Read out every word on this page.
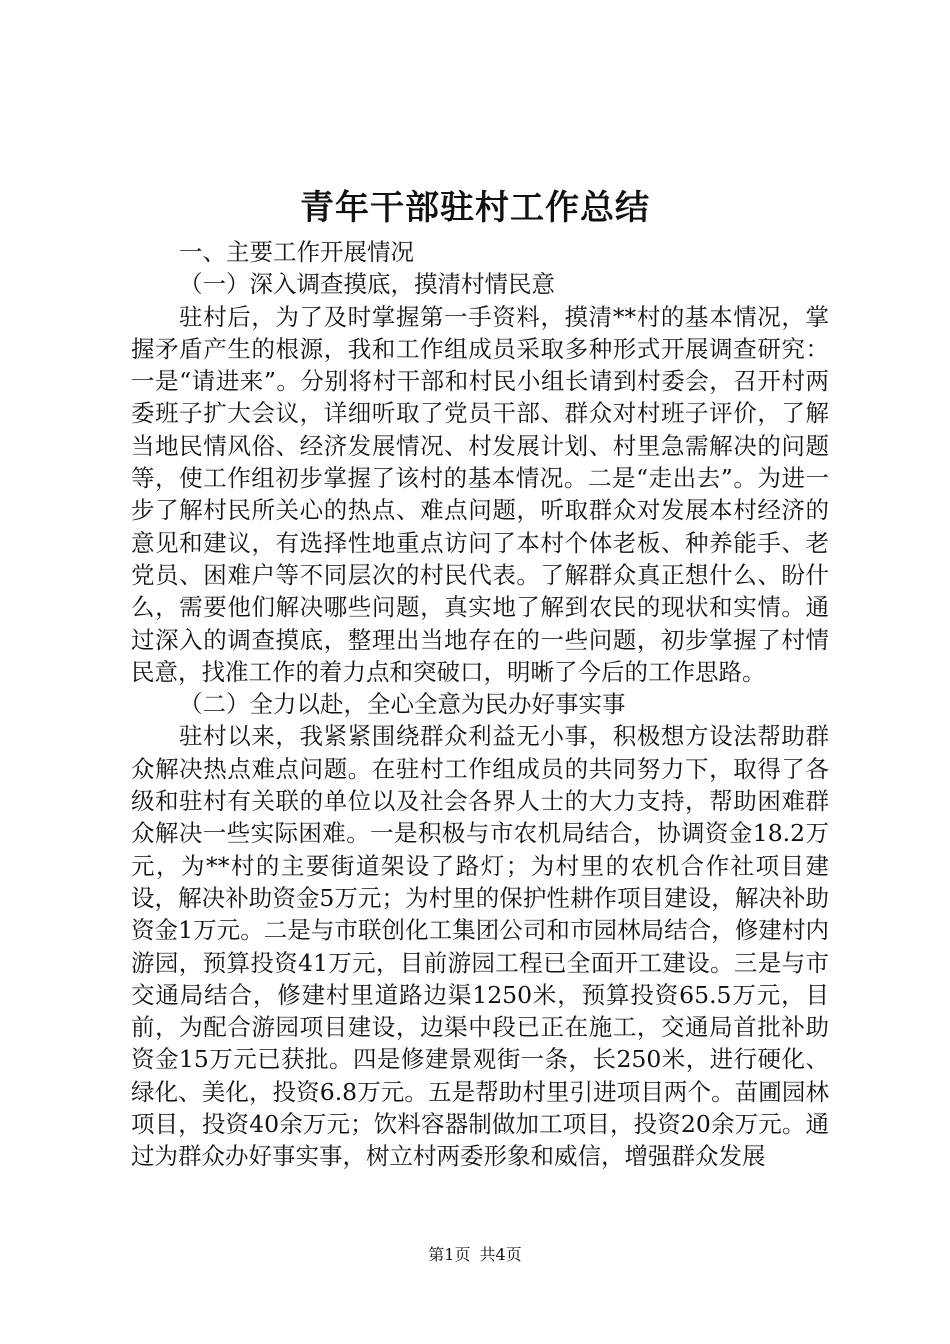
青年干部驻村工作总结

一、主要工作开展情况

（一）深入调查摸底，摸清村情民意

驻村后，为了及时掌握第一手资料，摸清**村的基本情况，掌握矛盾产生的根源，我和工作组成员采取多种形式开展调查研究：一是“请进来”。分别将村干部和村民小组长请到村委会，召开村两委班子扩大会议，详细听取了党员干部、群众对村班子评价，了解当地民情风俗、经济发展情况、村发展计划、村里急需解决的问题等，使工作组初步掌握了该村的基本情况。二是“走出去”。为进一步了解村民所关心的热点、难点问题，听取群众对发展本村经济的意见和建议，有选择性地重点访问了本村个体老板、种养能手、老党员、困难户等不同层次的村民代表。了解群众真正想什么、盼什么，需要他们解决哪些问题，真实地了解到农民的现状和实情。通过深入的调查摸底，整理出当地存在的一些问题，初步掌握了村情民意，找准工作的着力点和突破口，明晰了今后的工作思路。

（二）全力以赴，全心全意为民办好事实事

驻村以来，我紧紧围绕群众利益无小事，积极想方设法帮助群众解决热点难点问题。在驻村工作组成员的共同努力下，取得了各级和驻村有关联的单位以及社会各界人士的大力支持，帮助困难群众解决一些实际困难。一是积极与市农机局结合，协调资金18.2万元，为**村的主要街道架设了路灯；为村里的农机合作社项目建设，解决补助资金5万元；为村里的保护性耕作项目建设，解决补助资金1万元。二是与市联创化工集团公司和市园林局结合，修建村内游园，预算投资41万元，目前游园工程已全面开工建设。三是与市交通局结合，修建村里道路边渠1250米，预算投资65.5万元，目前，为配合游园项目建设，边渠中段已正在施工，交通局首批补助资金15万元已获批。四是修建景观街一条，长250米，进行硬化、绿化、美化，投资6.8万元。五是帮助村里引进项目两个。苗圃园林项目，投资40余万元；饮料容器制做加工项目，投资20余万元。通过为群众办好事实事，树立村两委形象和威信，增强群众发展

第1页 共4页
